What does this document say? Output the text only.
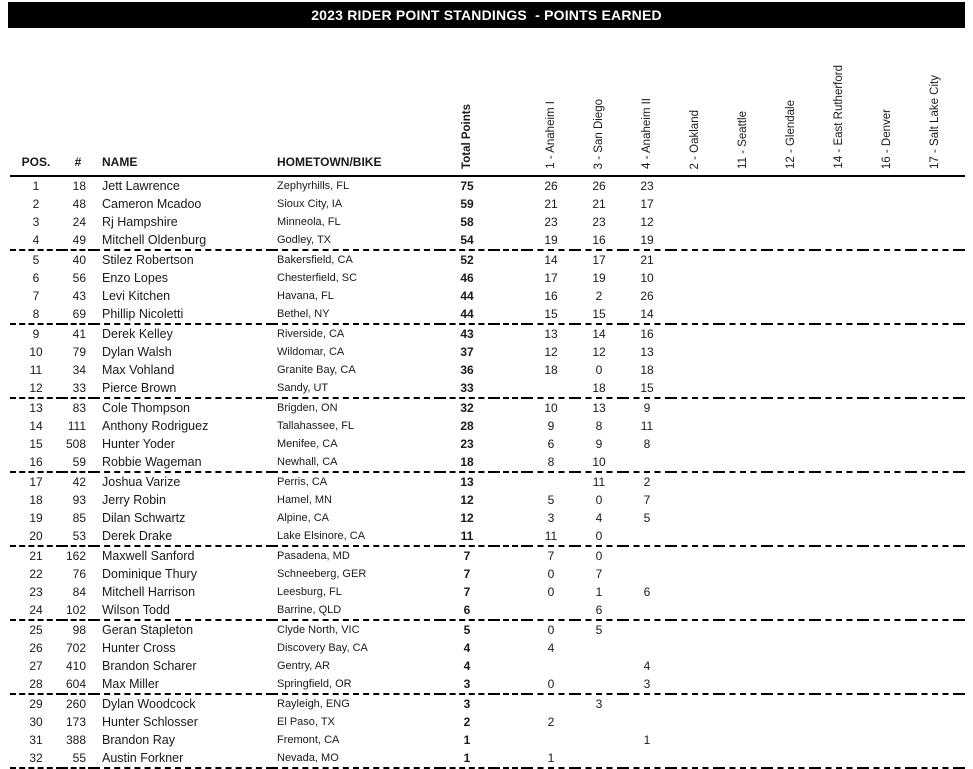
2023 RIDER POINT STANDINGS  - POINTS EARNED
POS.	#	NAME	HOMETOWN/BIKE	Total Points		1 - Anaheim I	3 - San Diego	4 - Anaheim II	2 - Oakland	11 - Seattle	12 - Glendale	14 - East Rutherford	16 - Denver	17 - Salt Lake City	

1	18	Jett Lawrence	Zephyrhills, FL	75		26	26	23							
2	48	Cameron Mcadoo	Sioux City, IA	59		21	21	17							
3	24	Rj Hampshire	Minneola, FL	58		23	23	12							
4	49	Mitchell Oldenburg	Godley, TX	54		19	16	19							
5	40	Stilez Robertson	Bakersfield, CA	52		14	17	21							
6	56	Enzo Lopes	Chesterfield, SC	46		17	19	10							
7	43	Levi Kitchen	Havana, FL	44		16	2	26							
8	69	Phillip Nicoletti	Bethel, NY	44		15	15	14							
9	41	Derek Kelley	Riverside, CA	43		13	14	16							
10	79	Dylan Walsh	Wildomar, CA	37		12	12	13							
11	34	Max Vohland	Granite Bay, CA	36		18	0	18							
12	33	Pierce Brown	Sandy, UT	33			18	15							
13	83	Cole Thompson	Brigden, ON	32		10	13	9							
14	111	Anthony Rodriguez	Tallahassee, FL	28		9	8	11							
15	508	Hunter Yoder	Menifee, CA	23		6	9	8							
16	59	Robbie Wageman	Newhall, CA	18		8	10								
17	42	Joshua Varize	Perris, CA	13			11	2							
18	93	Jerry Robin	Hamel, MN	12		5	0	7							
19	85	Dilan Schwartz	Alpine, CA	12		3	4	5							
20	53	Derek Drake	Lake Elsinore, CA	11		11	0								
21	162	Maxwell Sanford	Pasadena, MD	7		7	0								
22	76	Dominique Thury	Schneeberg, GER	7		0	7								
23	84	Mitchell Harrison	Leesburg, FL	7		0	1	6							
24	102	Wilson Todd	Barrine, QLD	6			6								
25	98	Geran Stapleton	Clyde North, VIC	5		0	5								
26	702	Hunter Cross	Discovery Bay, CA	4		4									
27	410	Brandon Scharer	Gentry, AR	4				4							
28	604	Max Miller	Springfield, OR	3		0		3							
29	260	Dylan Woodcock	Rayleigh, ENG	3			3								
30	173	Hunter Schlosser	El Paso, TX	2		2									
31	388	Brandon Ray	Fremont, CA	1				1							
32	55	Austin Forkner	Nevada, MO	1		1									
